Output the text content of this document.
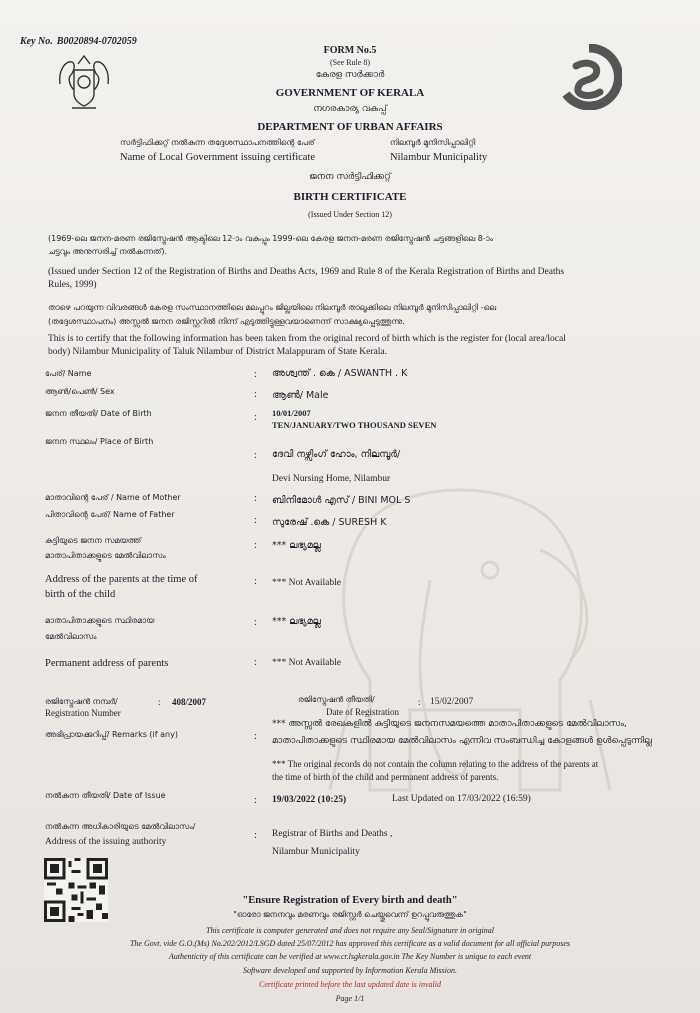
Key No. B0020894-0702059
FORM No.5
(See Rule 8)
കേരള സർക്കാർ
GOVERNMENT OF KERALA
നഗരകാര്യ വകുപ്പ്
DEPARTMENT OF URBAN AFFAIRS
സർട്ടിഫിക്കറ്റ് നൽകുന്ന തദ്ദേശസ്ഥാപനത്തിന്റെ പേര്
Name of Local Government issuing certificate
നിലമ്പൂർ മുനിസിപ്പാലിറ്റി
Nilambur Municipality
ജനന സർട്ടിഫിക്കറ്റ്
BIRTH CERTIFICATE
(Issued Under Section 12)
(1969-ലെ ജനന-മരണ രജിസ്ട്രേഷൻ ആക്ടിലെ 12-ാം വകുപ്പും 1999-ലെ കേരള ജനന-മരണ രജിസ്ട്രേഷൻ ചട്ടങ്ങളിലെ 8-ാം
ചട്ടവും അനുസരിച്ച് നൽകുന്നത്).
(Issued under Section 12 of the Registration of Births and Deaths Acts, 1969 and Rule 8 of the Kerala Registration of Births and Deaths
Rules, 1999)
താഴെ പറയുന്ന വിവരങ്ങൾ കേരള സംസ്ഥാനത്തിലെ മലപ്പുറം ജില്ലയിലെ നിലമ്പൂർ താലൂക്കിലെ നിലമ്പൂർ മുനിസിപ്പാലിറ്റി -ലെ
(തദ്ദേശസ്ഥാപനം) അസ്സൽ ജനന രജിസ്റ്ററിൽ നിന്ന് എടുത്തിട്ടുള്ളവയാണെന്ന് സാക്ഷ്യപ്പെടുത്തുന്നു.
This is to certify that the following information has been taken from the original record of birth which is the register for (local area/local
body) Nilambur Municipality of Taluk Nilambur of District Malappuram of State Kerala.
പേര്/ Name	: അശ്വന്ത് . കെ / ASWANTH . K
ആൺ/പെൺ/ Sex	: ആൺ/ Male
ജനന തീയതി/ Date of Birth	: 10/01/2007
TEN/JANUARY/TWO THOUSAND SEVEN
ജനന സ്ഥലം/ Place of Birth
: ദേവി നഴ്സിംഗ് ഹോം, നിലമ്പൂർ/
Devi Nursing Home, Nilambur
മാതാവിന്റെ പേര് / Name of Mother	: ബിനിമോൾ എസ് / BINI MOL S
പിതാവിന്റെ പേര്/ Name of Father
: സുരേഷ് .കെ / SURESH K
കുട്ടിയുടെ ജനന സമയത്ത്
മാതാപിതാക്കളുടെ മേൽവിലാസം
: *** ലഭ്യമല്ല
Address of the parents at the time of
birth of the child
: *** Not Available
മാതാപിതാക്കളുടെ സ്ഥിരമായ
മേൽവിലാസം
: *** ലഭ്യമല്ല
Permanent address of parents	: *** Not Available
രജിസ്ട്രേഷൻ നമ്പർ/
Registration Number
: 408/2007	രജിസ്ട്രേഷൻ തീയതി/
Date of Registration
: 15/02/2007
അഭിപ്രായക്കുറിപ്പ്/ Remarks (if any)	:
*** അസ്സൽ രേഖകളിൽ കുട്ടിയുടെ ജനനസമയത്തെ മാതാപിതാക്കളുടെ മേൽവിലാസം,
മാതാപിതാക്കളുടെ സ്ഥിരമായ മേൽവിലാസം എന്നിവ സംബന്ധിച്ച കോളങ്ങൾ ഉൾപ്പെടുന്നില്ല
*** The original records do not contain the column relating to the address of the parents at
the time of birth of the child and permanent address of parents.
നൽകുന്ന തീയതി/ Date of Issue	: 19/03/2022 (10:25)	Last Updated on 17/03/2022 (16:59)
നൽകുന്ന അധികാരിയുടെ മേൽവിലാസം/
Address of the issuing authority
: Registrar of Births and Deaths ,
Nilambur Municipality
"Ensure Registration of Every birth and death"
"ഓരോ ജനനവും മരണവും രജിസ്റ്റർ ചെയ്തുവെന്ന് ഉറപ്പുവരുത്തുക"
This certificate is computer generated and does not require any Seal/Signature in original
The Govt. vide G.O.(Ms) No.202/2012/LSGD dated 25/07/2012 has approved this certificate as a valid document for all official purposes
Authenticity of this certificate can be verified at www.cr.lsgkerala.gov.in The Key Number is unique to each event
Software developed and supported by Information Kerala Mission.
Certificate printed before the last updated date is invalid
Page 1/1
